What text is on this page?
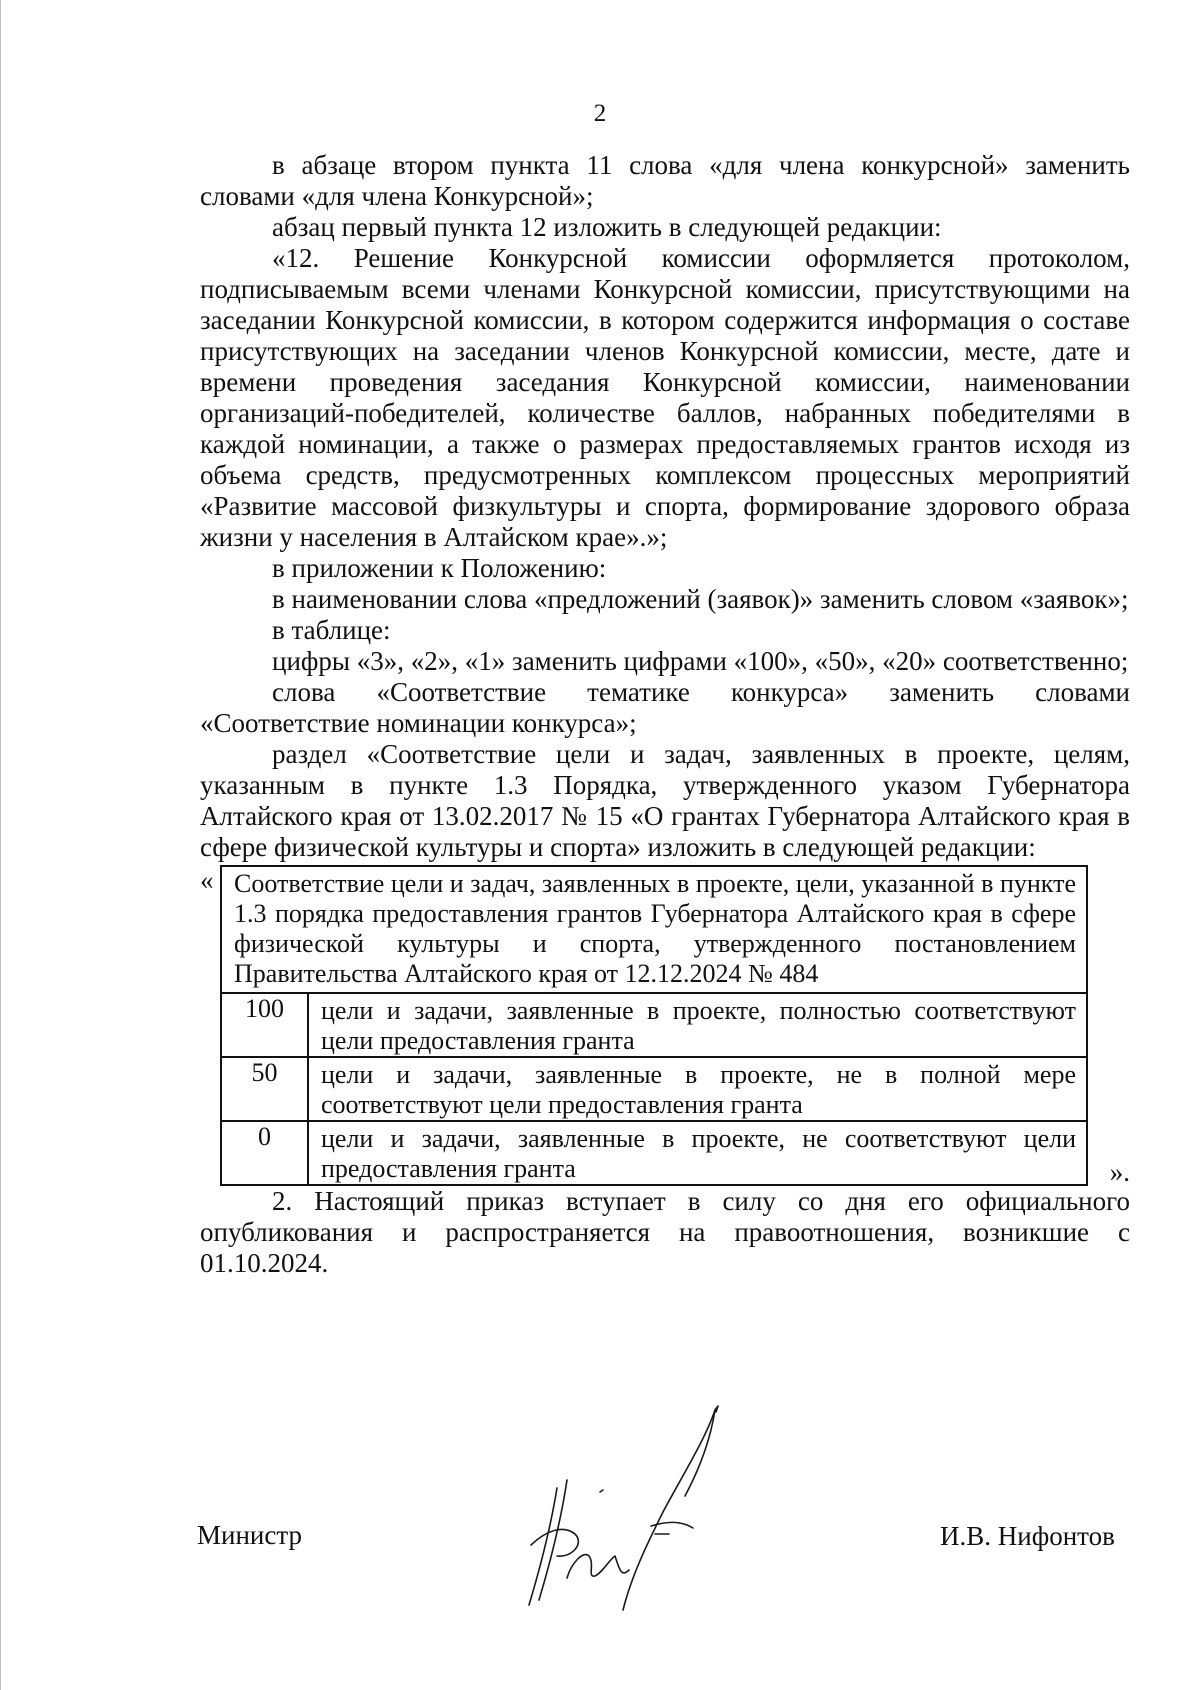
2

в абзаце втором пункта 11 слова «для члена конкурсной» заменить словами «для члена Конкурсной»;

абзац первый пункта 12 изложить в следующей редакции:

«12. Решение Конкурсной комиссии оформляется протоколом, подписываемым всеми членами Конкурсной комиссии, присутствующими на заседании Конкурсной комиссии, в котором содержится информация о составе присутствующих на заседании членов Конкурсной комиссии, месте, дате и времени проведения заседания Конкурсной комиссии, наименовании организаций-победителей, количестве баллов, набранных победителями в каждой номинации, а также о размерах предоставляемых грантов исходя из объема средств, предусмотренных комплексом процессных мероприятий «Развитие массовой физкультуры и спорта, формирование здорового образа жизни у населения в Алтайском крае».»;

в приложении к Положению:

в наименовании слова «предложений (заявок)» заменить словом «заявок»;

в таблице:

цифры «3», «2», «1» заменить цифрами «100», «50», «20» соответственно;

слова «Соответствие тематике конкурса» заменить словами «Соответствие номинации конкурса»;

раздел «Соответствие цели и задач, заявленных в проекте, целям, указанным в пункте 1.3 Порядка, утвержденного указом Губернатора Алтайского края от 13.02.2017 № 15 «О грантах Губернатора Алтайского края в сфере физической культуры и спорта» изложить в следующей редакции:

« Соответствие цели и задач, заявленных в проекте, цели, указанной в пункте 1.3 порядка предоставления грантов Губернатора Алтайского края в сфере физической культуры и спорта, утвержденного постановлением Правительства Алтайского края от 12.12.2024 № 484	
100	цели и задачи, заявленные в проекте, полностью соответствуют цели предоставления гранта
50	цели и задачи, заявленные в проекте, не в полной мере соответствуют цели предоставления гранта
0	цели и задачи, заявленные в проекте, не соответствуют цели предоставления гранта	».

2. Настоящий приказ вступает в силу со дня его официального опубликования и распространяется на правоотношения, возникшие с 01.10.2024.

Министр	И.В. Нифонтов
